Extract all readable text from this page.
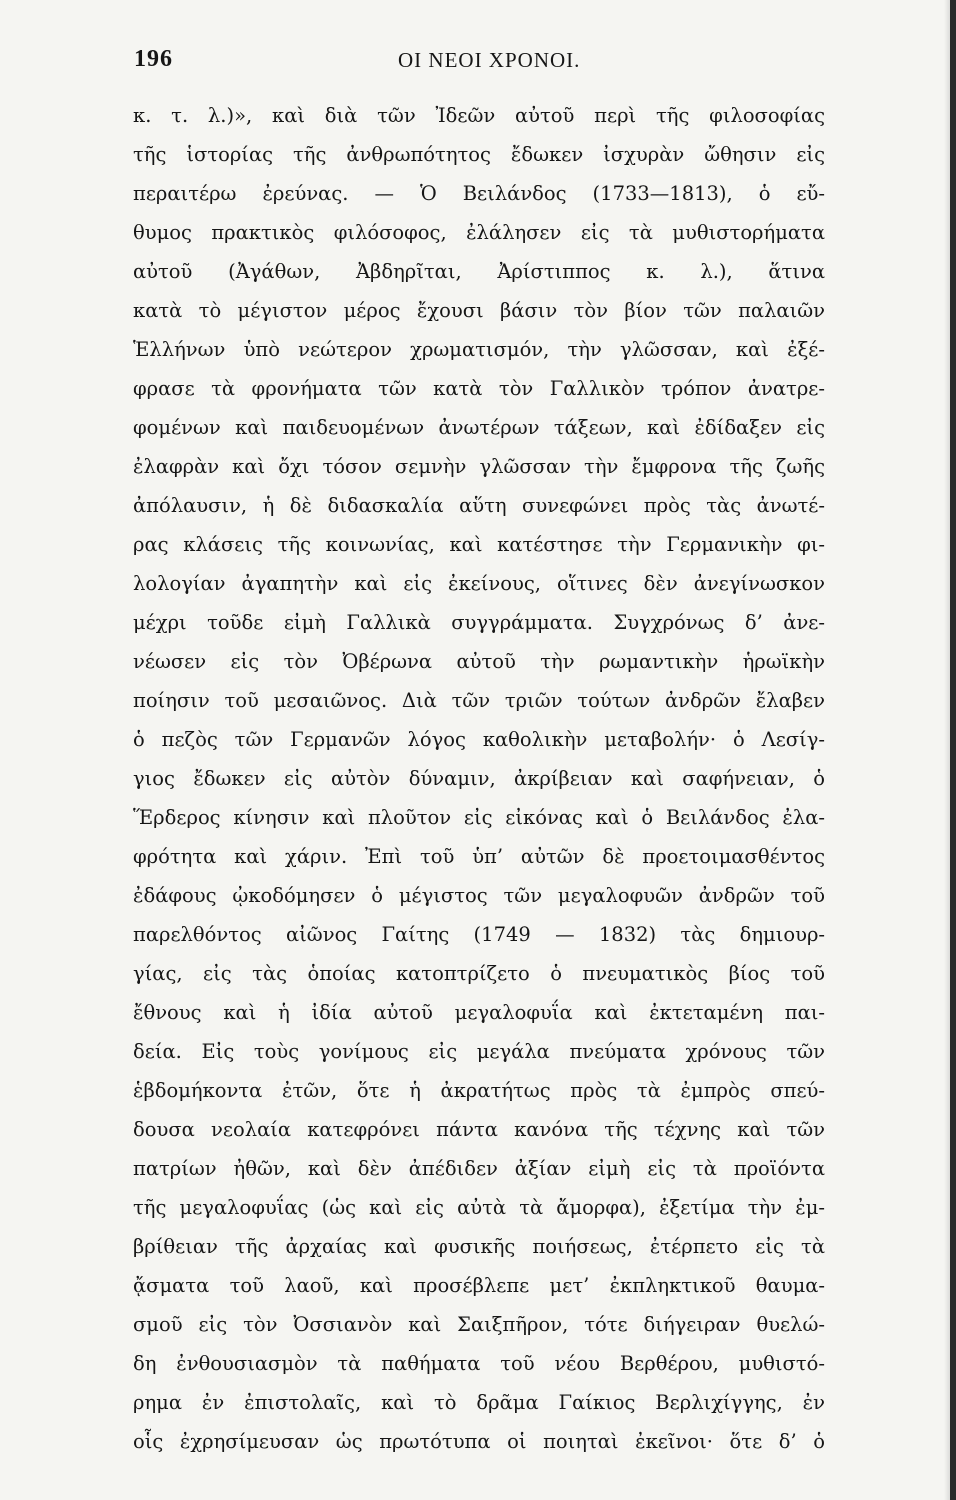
196	ΟΙ ΝΕΟΙ ΧΡΟΝΟΙ.
κ. τ. λ.)», καὶ διὰ τῶν Ἰδεῶν αὐτοῦ περὶ τῆς φιλοσοφίας
τῆς ἱστορίας τῆς ἀνθρωπότητος ἔδωκεν ἰσχυρὰν ὤθησιν εἰς
περαιτέρω ἐρεύνας. — Ὁ Βειλάνδος (1733—1813), ὁ εὔ-
θυμος πρακτικὸς φιλόσοφος, ἐλάλησεν εἰς τὰ μυθιστορήματα
αὐτοῦ (Ἀγάθων, Ἀβδηρῖται, Ἀρίστιππος κ. λ.), ἅτινα
κατὰ τὸ μέγιστον μέρος ἔχουσι βάσιν τὸν βίον τῶν παλαιῶν
Ἑλλήνων ὑπὸ νεώτερον χρωματισμόν, τὴν γλῶσσαν, καὶ ἐξέ-
φρασε τὰ φρονήματα τῶν κατὰ τὸν Γαλλικὸν τρόπον ἀνατρε-
φομένων καὶ παιδευομένων ἀνωτέρων τάξεων, καὶ ἐδίδαξεν εἰς
ἐλαφρὰν καὶ ὄχι τόσον σεμνὴν γλῶσσαν τὴν ἔμφρονα τῆς ζωῆς
ἀπόλαυσιν, ἡ δὲ διδασκαλία αὕτη συνεφώνει πρὸς τὰς ἀνωτέ-
ρας κλάσεις τῆς κοινωνίας, καὶ κατέστησε τὴν Γερμανικὴν φι-
λολογίαν ἀγαπητὴν καὶ εἰς ἐκείνους, οἵτινες δὲν ἀνεγίνωσκον
μέχρι τοῦδε εἰμὴ Γαλλικὰ συγγράμματα. Συγχρόνως δ’ ἀνε-
νέωσεν εἰς τὸν Ὀβέρωνα αὐτοῦ τὴν ρωμαντικὴν ἡρωϊκὴν
ποίησιν τοῦ μεσαιῶνος. Διὰ τῶν τριῶν τούτων ἀνδρῶν ἔλαβεν
ὁ πεζὸς τῶν Γερμανῶν λόγος καθολικὴν μεταβολήν· ὁ Λεσίγ-
γιος ἔδωκεν εἰς αὐτὸν δύναμιν, ἀκρίβειαν καὶ σαφήνειαν, ὁ
Ἕρδερος κίνησιν καὶ πλοῦτον εἰς εἰκόνας καὶ ὁ Βειλάνδος ἐλα-
φρότητα καὶ χάριν. Ἐπὶ τοῦ ὑπ’ αὐτῶν δὲ προετοιμασθέντος
ἐδάφους ᾠκοδόμησεν ὁ μέγιστος τῶν μεγαλοφυῶν ἀνδρῶν τοῦ
παρελθόντος αἰῶνος Γαίτης (1749 — 1832) τὰς δημιουρ-
γίας, εἰς τὰς ὁποίας κατοπτρίζετο ὁ πνευματικὸς βίος τοῦ
ἔθνους καὶ ἡ ἰδία αὐτοῦ μεγαλοφυΐα καὶ ἐκτεταμένη παι-
δεία. Εἰς τοὺς γονίμους εἰς μεγάλα πνεύματα χρόνους τῶν
ἑβδομήκοντα ἐτῶν, ὅτε ἡ ἀκρατήτως πρὸς τὰ ἐμπρὸς σπεύ-
δουσα νεολαία κατεφρόνει πάντα κανόνα τῆς τέχνης καὶ τῶν
πατρίων ἠθῶν, καὶ δὲν ἀπέδιδεν ἀξίαν εἰμὴ εἰς τὰ προϊόντα
τῆς μεγαλοφυΐας (ὡς καὶ εἰς αὐτὰ τὰ ἄμορφα), ἐξετίμα τὴν ἐμ-
βρίθειαν τῆς ἀρχαίας καὶ φυσικῆς ποιήσεως, ἐτέρπετο εἰς τὰ
ᾄσματα τοῦ λαοῦ, καὶ προσέβλεπε μετ’ ἐκπληκτικοῦ θαυμα-
σμοῦ εἰς τὸν Ὀσσιανὸν καὶ Σαιξπῆρον, τότε διήγειραν θυελώ-
δη ἐνθουσιασμὸν τὰ παθήματα τοῦ νέου Βερθέρου, μυθιστό-
ρημα ἐν ἐπιστολαῖς, καὶ τὸ δρᾶμα Γαίκιος Βερλιχίγγης, ἐν
οἷς ἐχρησίμευσαν ὡς πρωτότυπα οἱ ποιηταὶ ἐκεῖνοι· ὅτε δ’ ὁ
